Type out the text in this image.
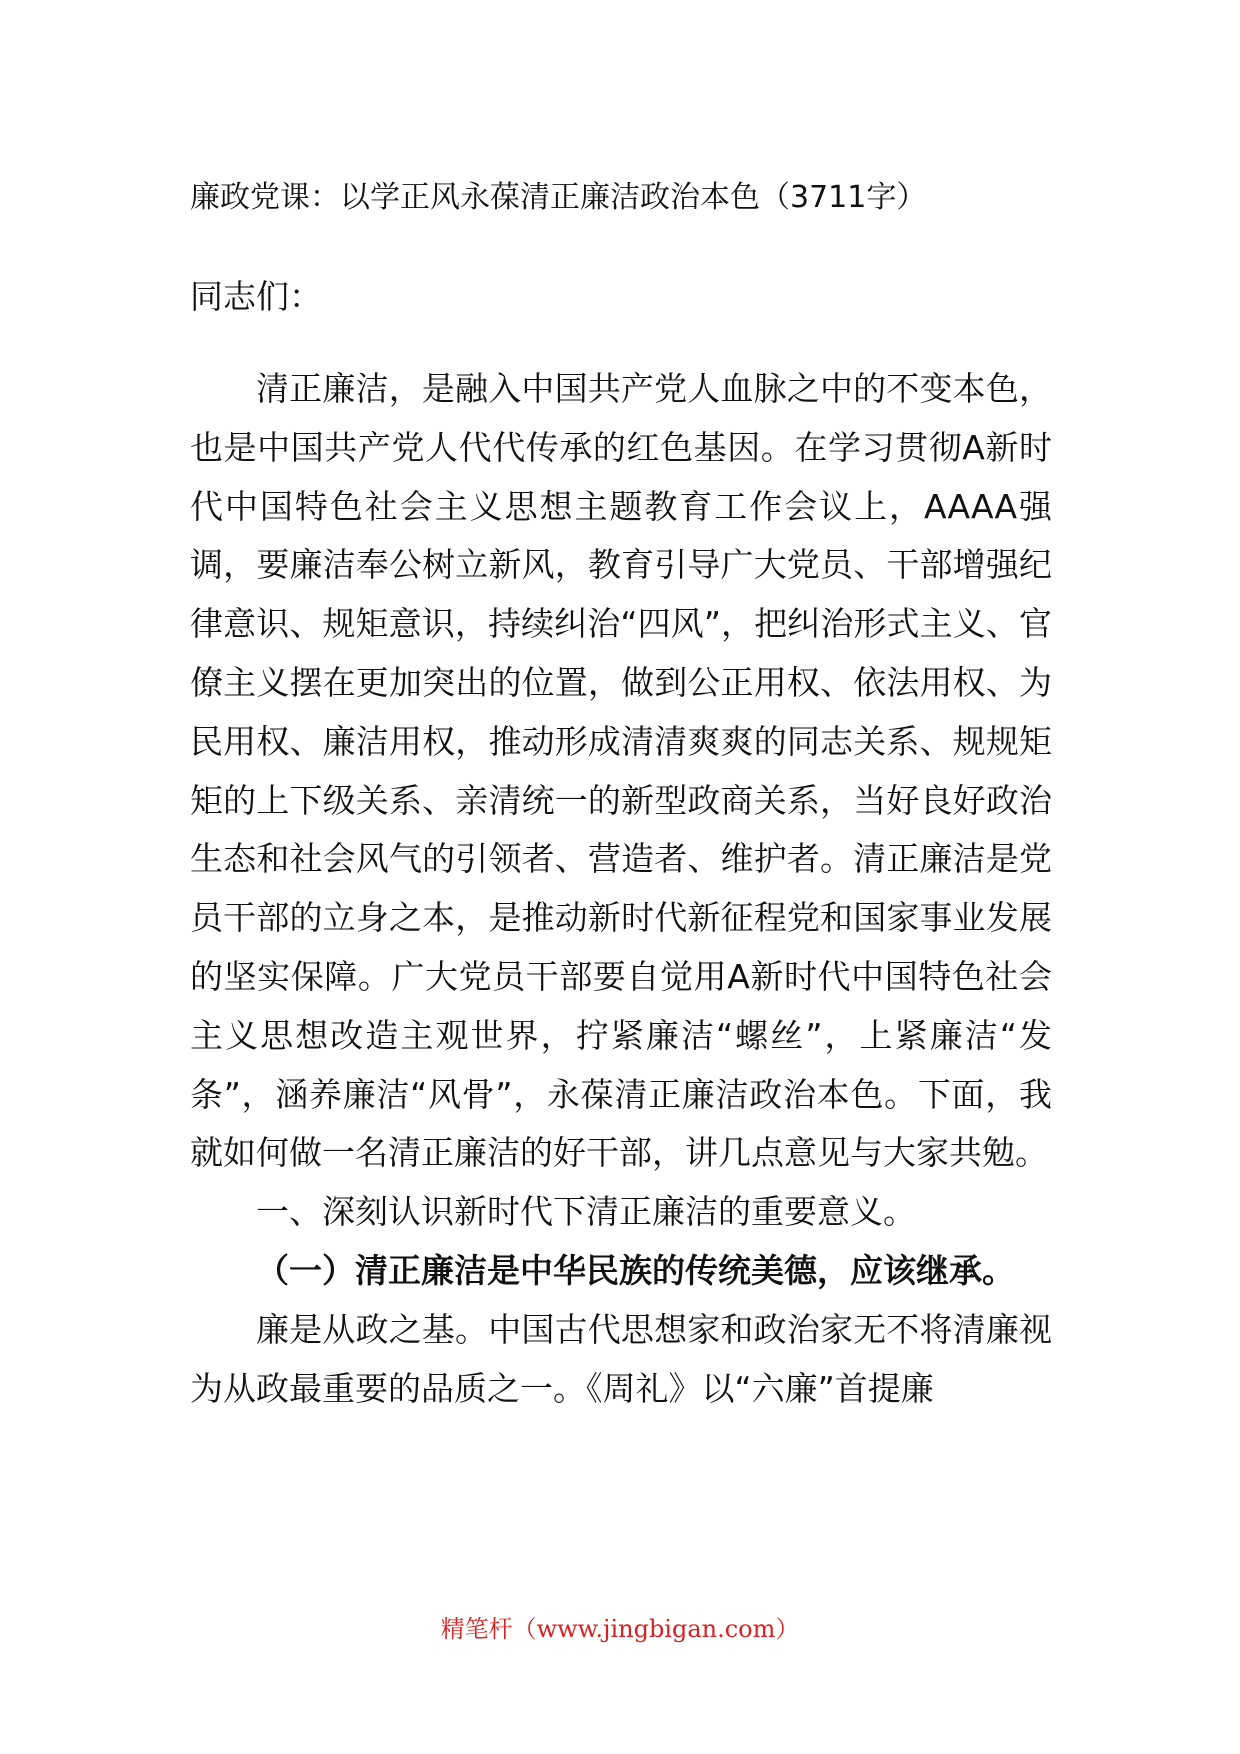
廉政党课：以学正风永葆清正廉洁政治本色（3711字）

同志们：

清正廉洁，是融入中国共产党人血脉之中的不变本色，也是中国共产党人代代传承的红色基因。在学习贯彻A新时代中国特色社会主义思想主题教育工作会议上，AAAA强调，要廉洁奉公树立新风，教育引导广大党员、干部增强纪律意识、规矩意识，持续纠治“四风”，把纠治形式主义、官僚主义摆在更加突出的位置，做到公正用权、依法用权、为民用权、廉洁用权，推动形成清清爽爽的同志关系、规规矩矩的上下级关系、亲清统一的新型政商关系，当好良好政治生态和社会风气的引领者、营造者、维护者。清正廉洁是党员干部的立身之本，是推动新时代新征程党和国家事业发展的坚实保障。广大党员干部要自觉用A新时代中国特色社会主义思想改造主观世界，拧紧廉洁“螺丝”，上紧廉洁“发条”，涵养廉洁“风骨”，永葆清正廉洁政治本色。下面，我就如何做一名清正廉洁的好干部，讲几点意见与大家共勉。

一、深刻认识新时代下清正廉洁的重要意义。

（一）清正廉洁是中华民族的传统美德，应该继承。

廉是从政之基。中国古代思想家和政治家无不将清廉视为从政最重要的品质之一。《周礼》以“六廉”首提廉

精笔杆（www.jingbigan.com）
